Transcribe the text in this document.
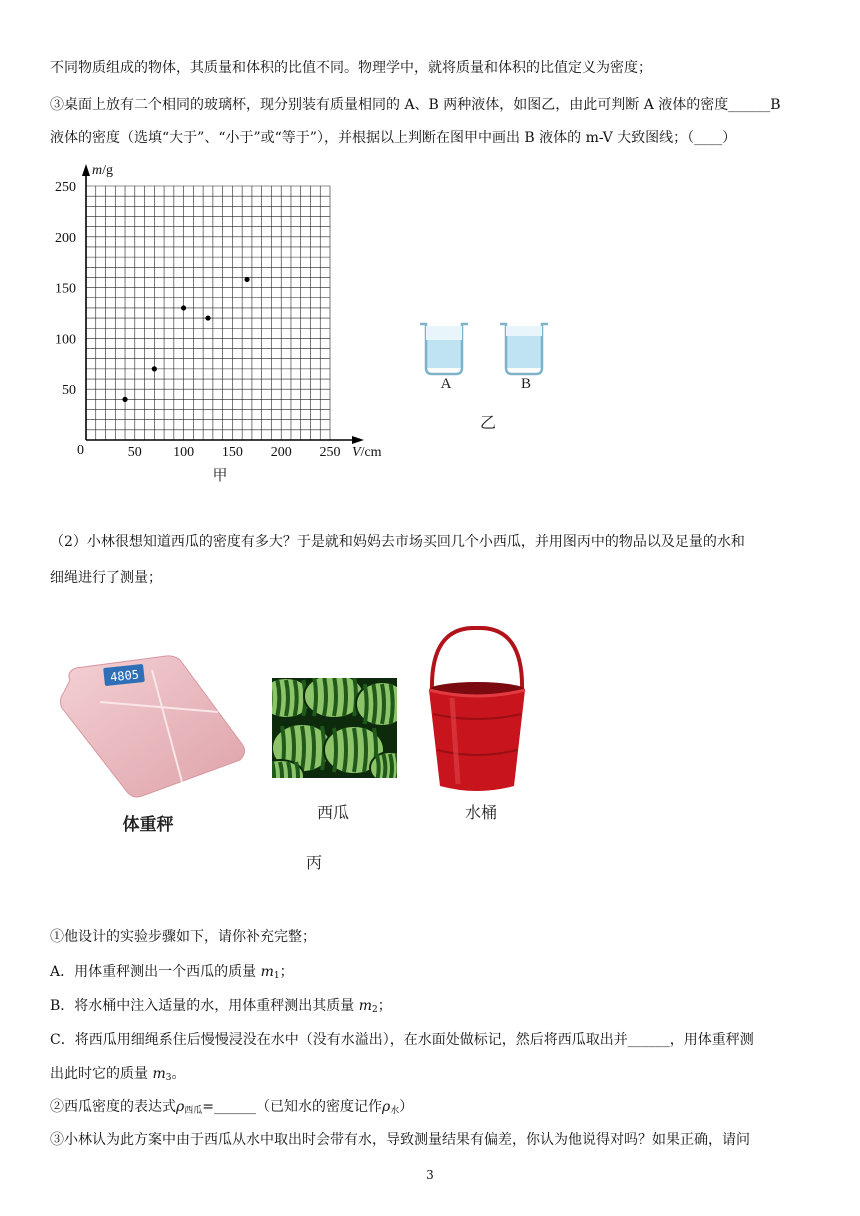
不同物质组成的物体，其质量和体积的比值不同。物理学中，就将质量和体积的比值定义为密度；
③桌面上放有二个相同的玻璃杯，现分别装有质量相同的 A、B 两种液体，如图乙，由此可判断 A 液体的密度______B
液体的密度（选填“大于”、“小于”或“等于”），并根据以上判断在图甲中画出 B 液体的 m-V 大致图线；（____）
m/g
V/cm
0
250
200
150
100
50
50 100 150 200 250
甲
A	B
乙
（2）小林很想知道西瓜的密度有多大？于是就和妈妈去市场买回几个小西瓜，并用图丙中的物品以及足量的水和
细绳进行了测量；
4805
体重秤
西瓜	水桶
丙
①他设计的实验步骤如下，请你补充完整；
A．用体重秤测出一个西瓜的质量 $m_1$；
B．将水桶中注入适量的水，用体重秤测出其质量 $m_2$；
C．将西瓜用细绳系住后慢慢浸没在水中（没有水溢出），在水面处做标记，然后将西瓜取出并______，用体重秤测
出此时它的质量 $m_3$。
②西瓜密度的表达式$\rho_{西瓜}=\_\_\_\_\_\_$（已知水的密度记作$\rho_水$）
③小林认为此方案中由于西瓜从水中取出时会带有水，导致测量结果有偏差，你认为他说得对吗？如果正确，请问
3
